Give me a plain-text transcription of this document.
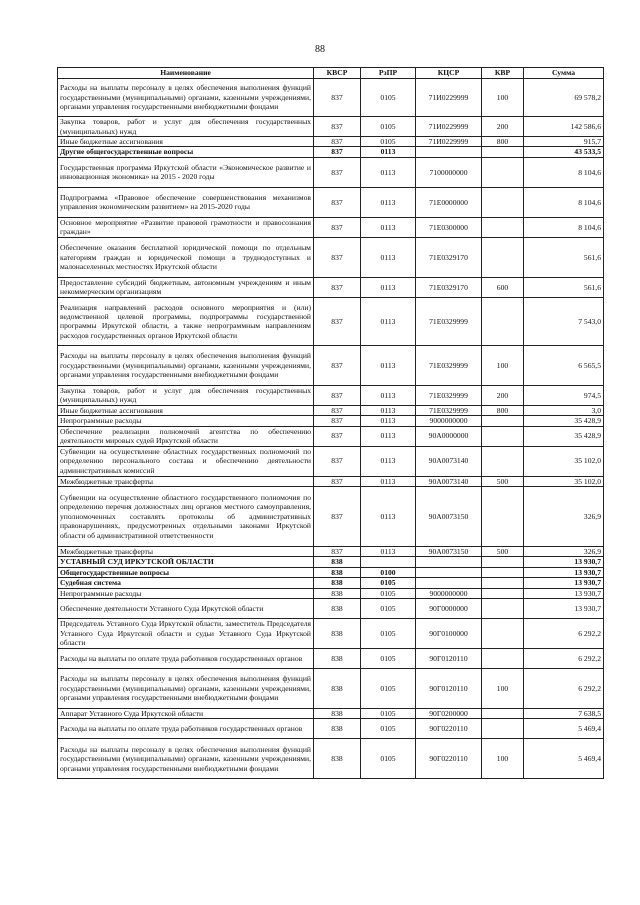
88
Наименование	КВСР	РзПР	КЦСР	КВР	Сумма
Расходы на выплаты персоналу в целях обеспечения выполнения функций государственными (муниципальными) органами, казенными учреждениями, органами управления государственными внебюджетными фондами	837	0105	71И0229999	100	69 578,2
Закупка товаров, работ и услуг для обеспечения государственных (муниципальных) нужд	837	0105	71И0229999	200	142 586,6
Иные бюджетные ассигнования	837	0105	71И0229999	800	915,7
Другие общегосударственные вопросы	837	0113			43 533,5
Государственная программа Иркутской области «Экономическое развитие и инновационная экономика» на 2015 - 2020 годы	837	0113	7100000000		8 104,6
Подпрограмма «Правовое обеспечение совершенствования механизмов управления экономическим развитием» на 2015-2020 годы	837	0113	71Е0000000		8 104,6
Основное мероприятие «Развитие правовой грамотности и правосознания граждан»	837	0113	71Е0300000		8 104,6
Обеспечение оказания бесплатной юридической помощи по отдельным категориям граждан и юридической помощи в труднодоступных и малонаселенных местностях Иркутской области	837	0113	71Е0329170		561,6
Предоставление субсидий бюджетным, автономным учреждениям и иным некоммерческим организациям	837	0113	71Е0329170	600	561,6
Реализация направлений расходов основного мероприятия и (или) ведомственной целевой программы, подпрограммы государственной программы Иркутской области, а также непрограммным направлениям расходов государственных органов Иркутской области	837	0113	71Е0329999		7 543,0
Расходы на выплаты персоналу в целях обеспечения выполнения функций государственными (муниципальными) органами, казенными учреждениями, органами управления государственными внебюджетными фондами	837	0113	71Е0329999	100	6 565,5
Закупка товаров, работ и услуг для обеспечения государственных (муниципальных) нужд	837	0113	71Е0329999	200	974,5
Иные бюджетные ассигнования	837	0113	71Е0329999	800	3,0
Непрограммные расходы	837	0113	9000000000		35 428,9
Обеспечение реализации полномочий агентства по обеспечению деятельности мировых судей Иркутской области	837	0113	90А0000000		35 428,9
Субвенции на осуществление областных государственных полномочий по определению персонального состава и обеспечению деятельности административных комиссий	837	0113	90А0073140		35 102,0
Межбюджетные трансферты	837	0113	90А0073140	500	35 102,0
Субвенции на осуществление областного государственного полномочия по определению перечня должностных лиц органов местного самоуправления, уполномоченных составлять протоколы об административных правонарушениях, предусмотренных отдельными законами Иркутской области об административной ответственности	837	0113	90А0073150		326,9
Межбюджетные трансферты	837	0113	90А0073150	500	326,9
УСТАВНЫЙ СУД ИРКУТСКОЙ ОБЛАСТИ	838				13 930,7
Общегосударственные вопросы	838	0100			13 930,7
Судебная система	838	0105			13 930,7
Непрограммные расходы	838	0105	9000000000		13 930,7
Обеспечение деятельности Уставного Суда Иркутской области	838	0105	90Г0000000		13 930,7
Председатель Уставного Суда Иркутской области, заместитель Председателя Уставного Суда Иркутской области и судьи Уставного Суда Иркутской области	838	0105	90Г0100000		6 292,2
Расходы на выплаты по оплате труда работников государственных органов	838	0105	90Г0120110		6 292,2
Расходы на выплаты персоналу в целях обеспечения выполнения функций государственными (муниципальными) органами, казенными учреждениями, органами управления государственными внебюджетными фондами	838	0105	90Г0120110	100	6 292,2
Аппарат Уставного Суда Иркутской области	838	0105	90Г0200000		7 638,5
Расходы на выплаты по оплате труда работников государственных органов	838	0105	90Г0220110		5 469,4
Расходы на выплаты персоналу в целях обеспечения выполнения функций государственными (муниципальными) органами, казенными учреждениями, органами управления государственными внебюджетными фондами	838	0105	90Г0220110	100	5 469,4
